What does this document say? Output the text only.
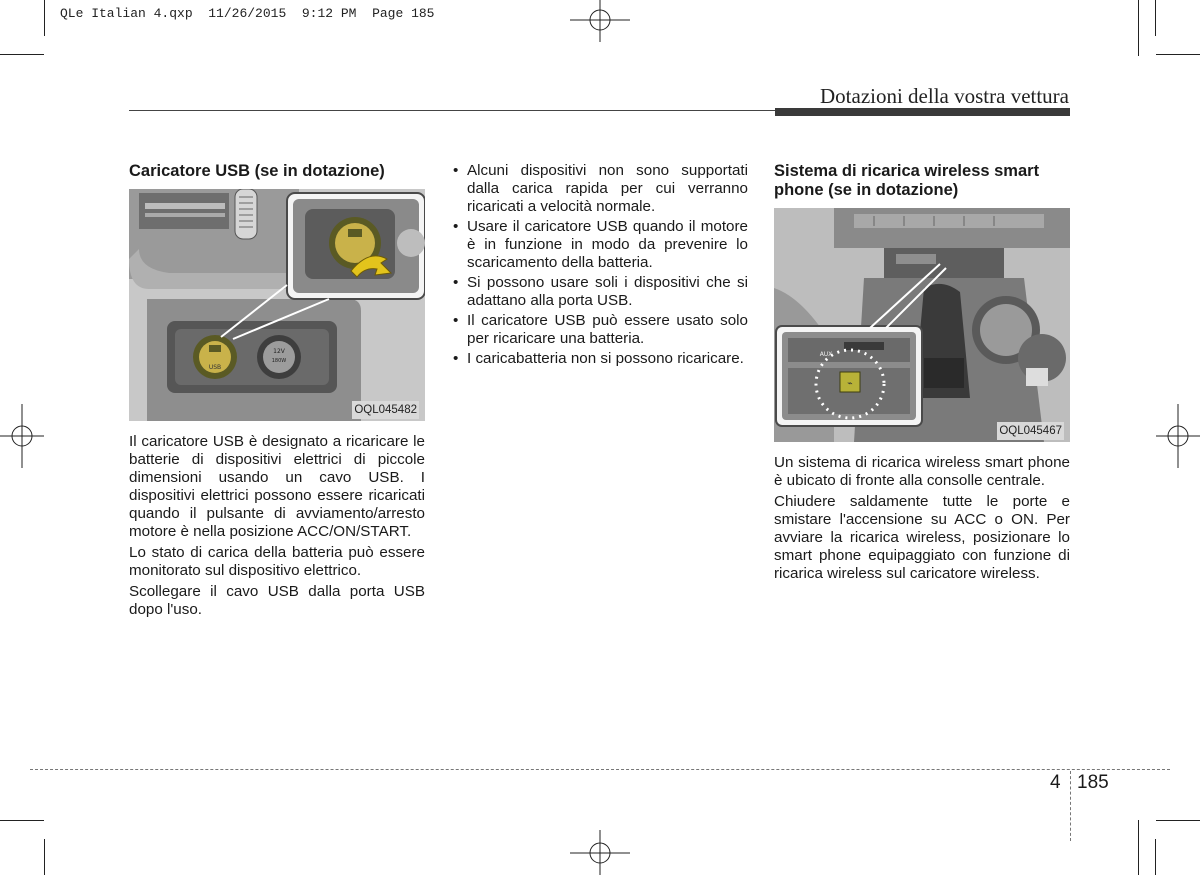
QLe Italian 4.qxp 11/26/2015 9:12 PM Page 185
Dotazioni della vostra vettura
Caricatore USB (se in dotazione)
USB
12V
180W
OQL045482

Il caricatore USB è designato a ricaricare le batterie di dispositivi elettrici di piccole dimensioni usando un cavo USB. I dispositivi elettrici possono essere ricaricati quando il pulsante di avviamento/arresto motore è nella posizione ACC/ON/START.

Lo stato di carica della batteria può essere monitorato sul dispositivo elettrico.

Scollegare il cavo USB dalla porta USB dopo l'uso.

• Alcuni dispositivi non sono supportati dalla carica rapida per cui verranno ricaricati a velocità normale.
• Usare il caricatore USB quando il motore è in funzione in modo da prevenire lo scaricamento della batteria.
• Si possono usare soli i dispositivi che si adattano alla porta USB.
• Il caricatore USB può essere usato solo per ricaricare una batteria.
• I caricabatteria non si possono ricaricare.
Sistema di ricarica wireless smart phone (se in dotazione)
AUX
⌁
OQL045467

Un sistema di ricarica wireless smart phone è ubicato di fronte alla consolle centrale.

Chiudere saldamente tutte le porte e smistare l'accensione su ACC o ON. Per avviare la ricarica wireless, posizionare lo smart phone equipaggiato con funzione di ricarica wireless sul caricatore wireless.

4 185
